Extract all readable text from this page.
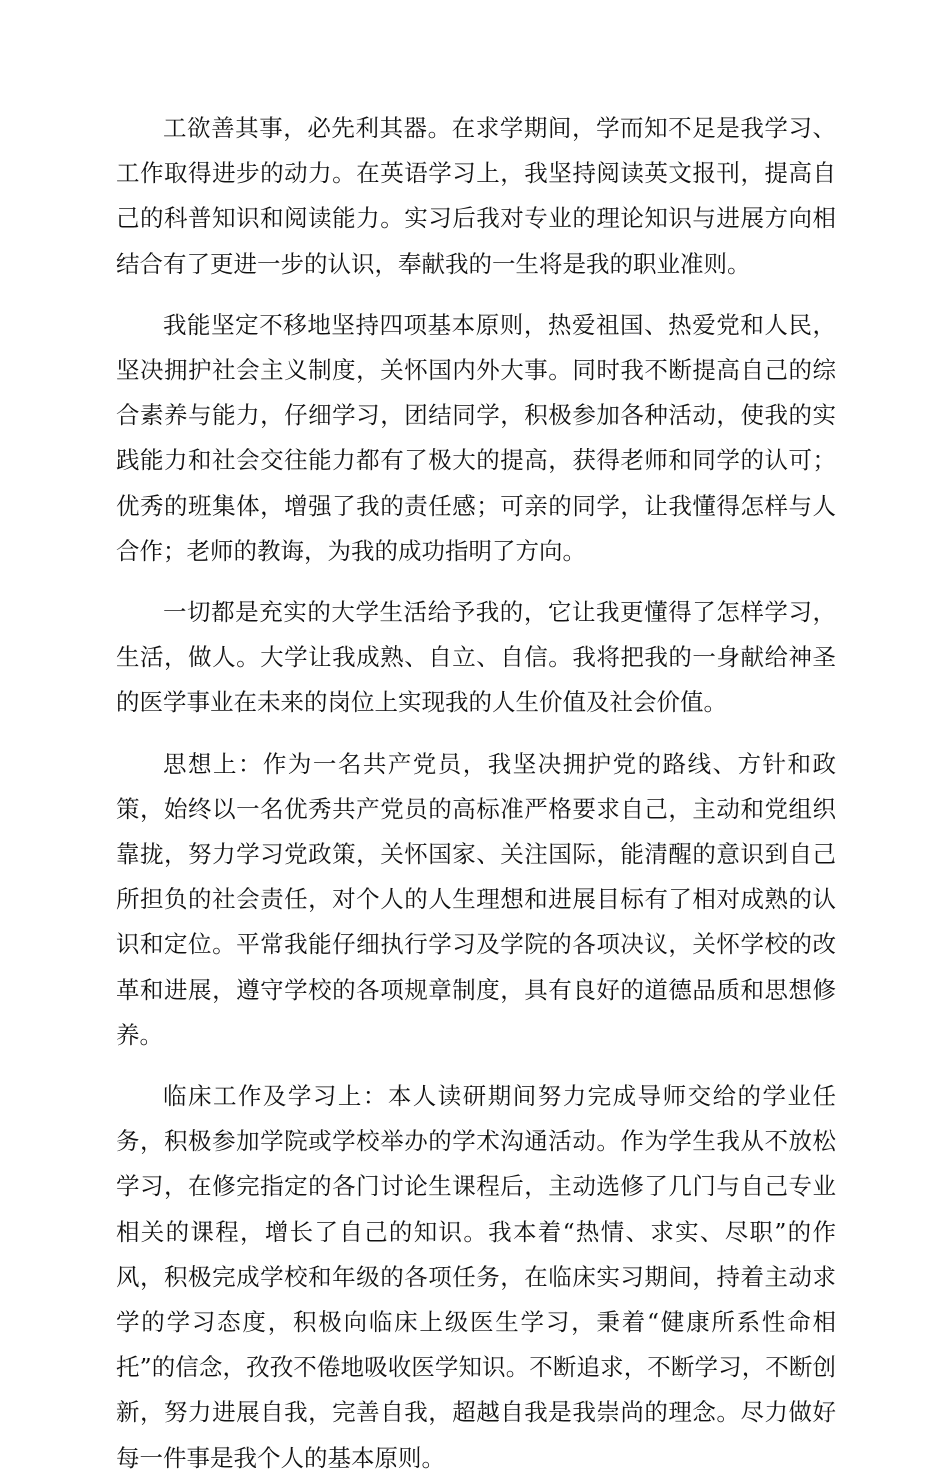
工欲善其事，必先利其器。在求学期间，学而知不足是我学习、工作取得进步的动力。在英语学习上，我坚持阅读英文报刊，提高自己的科普知识和阅读能力。实习后我对专业的理论知识与进展方向相结合有了更进一步的认识，奉献我的一生将是我的职业准则。

我能坚定不移地坚持四项基本原则，热爱祖国、热爱党和人民，坚决拥护社会主义制度，关怀国内外大事。同时我不断提高自己的综合素养与能力，仔细学习，团结同学，积极参加各种活动，使我的实践能力和社会交往能力都有了极大的提高，获得老师和同学的认可；优秀的班集体，增强了我的责任感；可亲的同学，让我懂得怎样与人合作；老师的教诲，为我的成功指明了方向。

一切都是充实的大学生活给予我的，它让我更懂得了怎样学习，生活，做人。大学让我成熟、自立、自信。我将把我的一身献给神圣的医学事业在未来的岗位上实现我的人生价值及社会价值。

思想上：作为一名共产党员，我坚决拥护党的路线、方针和政策，始终以一名优秀共产党员的高标准严格要求自己，主动和党组织靠拢，努力学习党政策，关怀国家、关注国际，能清醒的意识到自己所担负的社会责任，对个人的人生理想和进展目标有了相对成熟的认识和定位。平常我能仔细执行学习及学院的各项决议，关怀学校的改革和进展，遵守学校的各项规章制度，具有良好的道德品质和思想修养。

临床工作及学习上：本人读研期间努力完成导师交给的学业任务，积极参加学院或学校举办的学术沟通活动。作为学生我从不放松学习，在修完指定的各门讨论生课程后，主动选修了几门与自己专业相关的课程，增长了自己的知识。我本着“热情、求实、尽职”的作风，积极完成学校和年级的各项任务，在临床实习期间，持着主动求学的学习态度，积极向临床上级医生学习，秉着“健康所系性命相托”的信念，孜孜不倦地吸收医学知识。不断追求，不断学习，不断创新，努力进展自我，完善自我，超越自我是我崇尚的理念。尽力做好每一件事是我个人的基本原则。
